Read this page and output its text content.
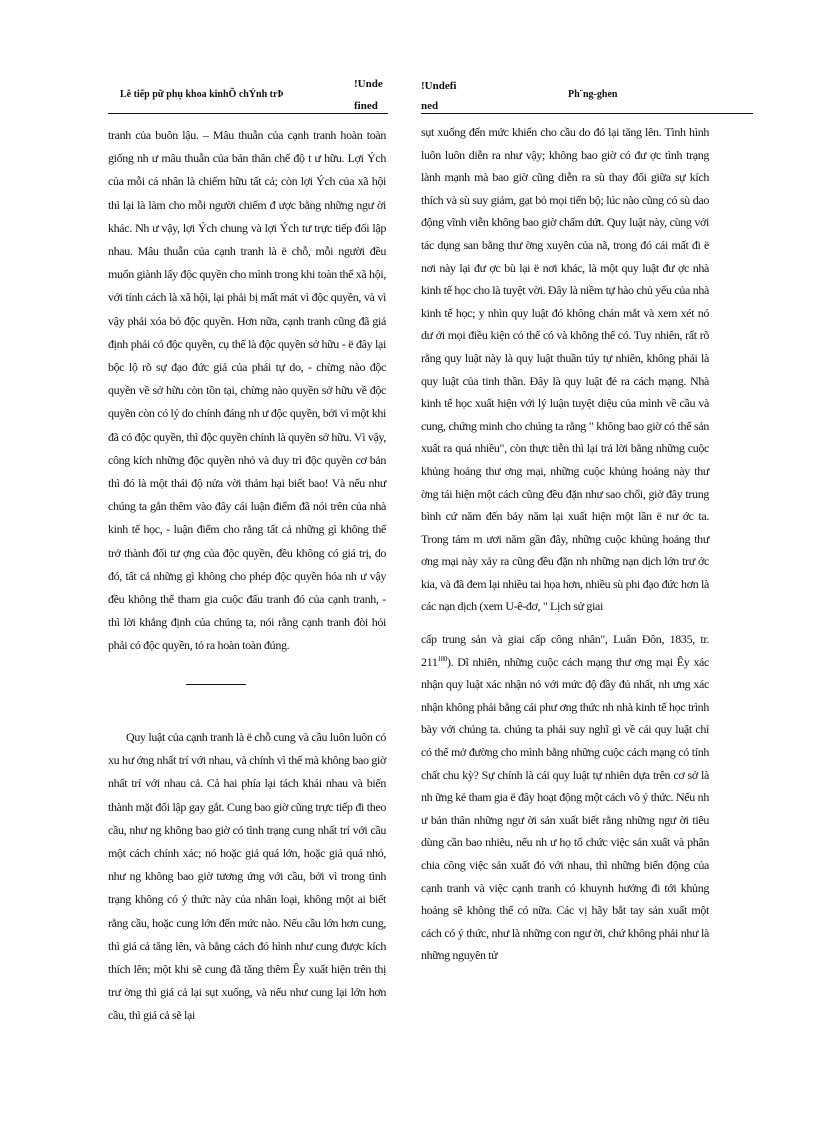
Lê tiếp pữ phụ khoa kinhÕ chÝnh trÞ
!Unde fined
!Undefi ned
Ph¨ng-ghen

tranh của buôn lậu. – Mâu thuẫn của cạnh tranh hoàn toàn giống nh ư mâu thuẫn của bản thân chế độ t ư hữu. Lợi Ých của mỗi cá nhân là chiếm hữu tất cả; còn lợi Ých của xã hội thì lại là làm cho mỗi người chiếm đ ược bằng những ngư ời khác. Nh ư vậy, lợi Ých chung và lợi Ých tư trực tiếp đối lập nhau. Mâu thuẫn của cạnh tranh là ë chỗ, mỗi người đều muốn giành lấy độc quyền cho mình trong khi toàn thể xã hội, với tính cách là xã hội, lại phải bị mất mát vì độc quyền, và vì vậy phải xóa bỏ độc quyền. Hơn nữa, cạnh tranh cũng đã giả định phải có độc quyền, cụ thể là độc quyền sở hữu - ë đây lại bộc lộ rõ sự đạo đức giả của phái tự do, - chừng nào độc quyền về sở hữu còn tồn tại, chừng nào quyền sở hữu về độc quyền còn có lý do chính đáng nh ư độc quyền, bởi vì một khi đã có độc quyền, thì độc quyền chính là quyền sở hữu. Vì vậy, công kích những độc quyền nhỏ và duy trì độc quyền cơ bản thì đó là một thái độ nửa vời thảm hại biết bao! Và nếu như chúng ta gắn thêm vào đây cái luận điểm đã nói trên của nhà kinh tế học, - luận điểm cho rằng tất cả những gì không thể trở thành đối tư ợng của độc quyền, đều không có giá trị, do đó, tất cả những gì không cho phép độc quyền hóa nh ư vậy đều không thể tham gia cuộc đấu tranh đó của cạnh tranh, - thì lời khẳng định của chúng ta, nói rằng cạnh tranh đòi hỏi phải có độc quyền, tỏ ra hoàn toàn đúng.

Quy luật của cạnh tranh là ë chỗ cung và cầu luôn luôn có xu hư ớng nhất trí với nhau, và chính vì thế mà không bao giờ nhất trí với nhau cả. Cả hai phía lại tách khái nhau và biến thành mặt đối lập gay gắt. Cung bao giờ cũng trực tiếp đi theo cầu, như ng không bao giờ có tình trạng cung nhất trí với cầu một cách chính xác; nó hoặc giá quá lớn, hoặc giá quá nhỏ, như ng không bao giờ tương ứng với cầu, bởi vì trong tình trạng không có ý thức này của nhân loại, không một ai biết rằng cầu, hoặc cung lớn đến mức nào. Nếu cầu lớn hơn cung, thì giá cả tăng lên, và bằng cách đó hình như cung được kích thích lên; một khi sẽ cung đã tăng thêm Êy xuất hiện trên thị trư ờng thì giá cả lại sụt xuống, và nếu như cung lại lớn hơn cầu, thì giá cả sẽ lại

sụt xuống đến mức khiến cho cầu do đó lại tăng lên. Tình hình luôn luôn diễn ra như vậy; không bao giờ có đư ợc tình trạng lành mạnh mà bao giờ cũng diễn ra sù thay đổi giữa sự kích thích và sù suy giảm, gạt bỏ mọi tiến bộ; lúc nào cũng có sù dao động vĩnh viễn không bao giờ chấm dứt. Quy luật này, cùng với tác dụng san bằng thư ờng xuyên của nã, trong đó cái mất đi ë nơi này lại đư ợc bù lại ë nơi khác, là một quy luật đư ợc nhà kinh tế học cho là tuyệt vời. Đây là niềm tự hào chủ yếu của nhà kinh tế học; y nhìn quy luật đó không chán mắt và xem xét nó dư ới mọi điều kiện có thể có và không thể có. Tuy nhiên, rất rõ rằng quy luật này là quy luật thuần túy tự nhiên, không phải là quy luật của tinh thần. Đây là quy luật đẻ ra cách mạng. Nhà kinh tế học xuất hiện với lý luận tuyệt diệu của mình về cầu và cung, chứng minh cho chúng ta rằng " không bao giờ có thể sản xuất ra quá nhiều", còn thực tiễn thì lại trả lời bằng những cuộc khủng hoảng thư ơng mại, những cuộc khủng hoảng này thư ờng tái hiện một cách cũng đều đặn như sao chổi, giờ đây trung bình cứ năm đến bảy năm lại xuất hiện một lần ë nư ớc ta. Trong tám m ươi năm gần đây, những cuộc khủng hoảng thư ơng mại này xảy ra cũng đều đặn nh những nạn dịch lớn trư ớc kia, và đã đem lại nhiều tai họa hơn, nhiều sù phi đạo đức hơn là các nạn dịch (xem U-ê-đơ, " Lịch sử giai

cấp trung sản và giai cấp công nhân", Luân Đôn, 1835, tr. $211^{180}$). Dĩ nhiên, những cuộc cách mạng thư ơng mại Êy xác nhận quy luật xác nhận nó với mức độ đầy đủ nhất, nh ưng xác nhận không phải bằng cái phư ơng thức nh nhà kinh tế học trình bày với chúng ta. chúng ta phải suy nghĩ gì về cái quy luật chỉ có thể mở đường cho mình bằng những cuộc cách mạng có tính chất chu kỳ? Sự chính là cái quy luật tự nhiên dựa trên cơ sở là nh ững kẻ tham gia ë đây hoạt động một cách vô ý thức. Nếu nh ư bản thân những ngư ời sản xuất biết rằng những ngư ời tiêu dùng cần bao nhiêu, nếu nh ư họ tổ chức việc sản xuất và phân chia công việc sản xuất đó với nhau, thì những biến động của cạnh tranh và việc cạnh tranh có khuynh hướng đi tới khủng hoảng sẽ không thể có nữa. Các vị hãy bắt tay sản xuất một cách có ý thức, như là những con ngư ời, chứ không phải như là những nguyên tử
